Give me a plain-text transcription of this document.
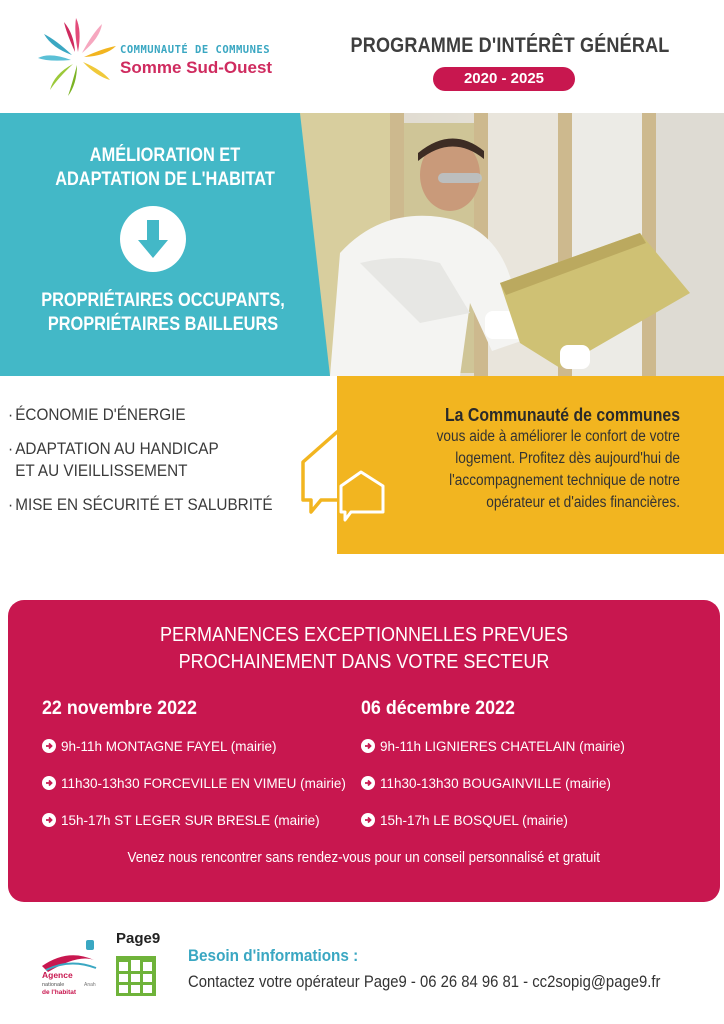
COMMUNAUTÉ DE COMMUNES
Somme Sud-Ouest
PROGRAMME D'INTÉRÊT GÉNÉRAL
2020 - 2025
AMÉLIORATION ET
ADAPTATION DE L'HABITAT
PROPRIÉTAIRES OCCUPANTS,
PROPRIÉTAIRES BAILLEURS
· ÉCONOMIE D'ÉNERGIE
· ADAPTATION AU HANDICAP
ET AU VIEILLISSEMENT
· MISE EN SÉCURITÉ ET SALUBRITÉ
La Communauté de communes
vous aide à améliorer le confort de votre
logement. Profitez dès aujourd'hui de
l'accompagnement technique de notre
opérateur et d'aides financières.
PERMANENCES EXCEPTIONNELLES PREVUES
PROCHAINEMENT DANS VOTRE SECTEUR
22 novembre 2022
9h-11h MONTAGNE FAYEL (mairie)
11h30-13h30 FORCEVILLE EN VIMEU (mairie)
15h-17h ST LEGER SUR BRESLE (mairie)
06 décembre 2022
9h-11h LIGNIERES CHATELAIN (mairie)
11h30-13h30 BOUGAINVILLE (mairie)
15h-17h LE BOSQUEL (mairie)
Venez nous rencontrer sans rendez-vous pour un conseil personnalisé et gratuit
Agence
nationale
de l'habitat
Anah
Page9
Besoin d'informations :
Contactez votre opérateur Page9 - 06 26 84 96 81 - cc2sopig@page9.fr
